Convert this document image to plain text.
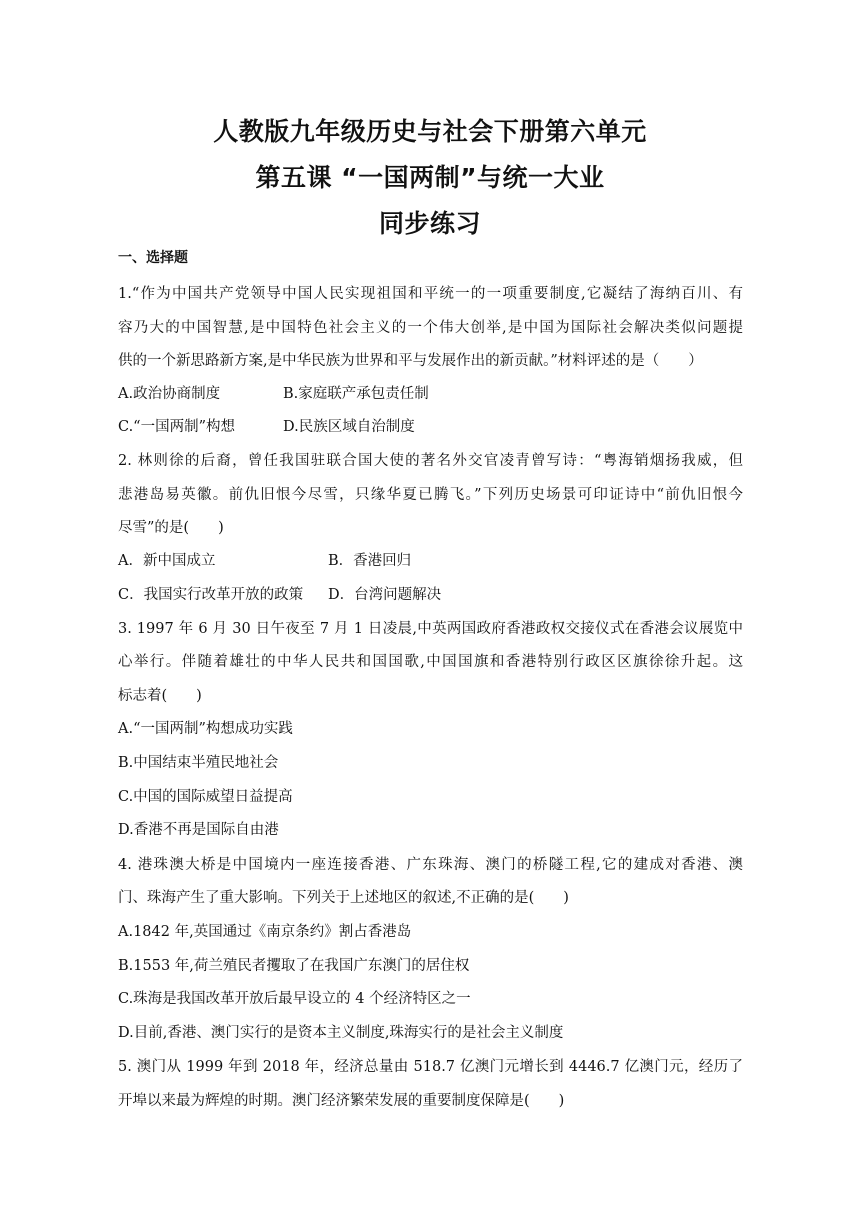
人教版九年级历史与社会下册第六单元
第五课 “一国两制”与统一大业
同步练习
一、选择题
1.“作为中国共产党领导中国人民实现祖国和平统一的一项重要制度,它凝结了海纳百川、有
容乃大的中国智慧,是中国特色社会主义的一个伟大创举,是中国为国际社会解决类似问题提
供的一个新思路新方案,是中华民族为世界和平与发展作出的新贡献。”材料评述的是（　　）
A.政治协商制度	B.家庭联产承包责任制
C.“一国两制”构想	D.民族区域自治制度
2. 林则徐的后裔，曾任我国驻联合国大使的著名外交官凌青曾写诗：“粤海销烟扬我威，但
悲港岛易英徽。前仇旧恨今尽雪，只缘华夏已腾飞。”下列历史场景可印证诗中“前仇旧恨今
尽雪”的是(　　)
A．新中国成立	B．香港回归
C．我国实行改革开放的政策 D．台湾问题解决
3. 1997 年 6 月 30 日午夜至 7 月 1 日凌晨,中英两国政府香港政权交接仪式在香港会议展览中
心举行。伴随着雄壮的中华人民共和国国歌,中国国旗和香港特别行政区区旗徐徐升起。这
标志着(　　)
A.“一国两制”构想成功实践
B.中国结束半殖民地社会
C.中国的国际威望日益提高
D.香港不再是国际自由港
4. 港珠澳大桥是中国境内一座连接香港、广东珠海、澳门的桥隧工程,它的建成对香港、澳
门、珠海产生了重大影响。下列关于上述地区的叙述,不正确的是(　　)
A.1842 年,英国通过《南京条约》割占香港岛
B.1553 年,荷兰殖民者攫取了在我国广东澳门的居住权
C.珠海是我国改革开放后最早设立的 4 个经济特区之一
D.目前,香港、澳门实行的是资本主义制度,珠海实行的是社会主义制度
5. 澳门从 1999 年到 2018 年，经济总量由 518.7 亿澳门元增长到 4446.7 亿澳门元，经历了
开埠以来最为辉煌的时期。澳门经济繁荣发展的重要制度保障是(　　)
